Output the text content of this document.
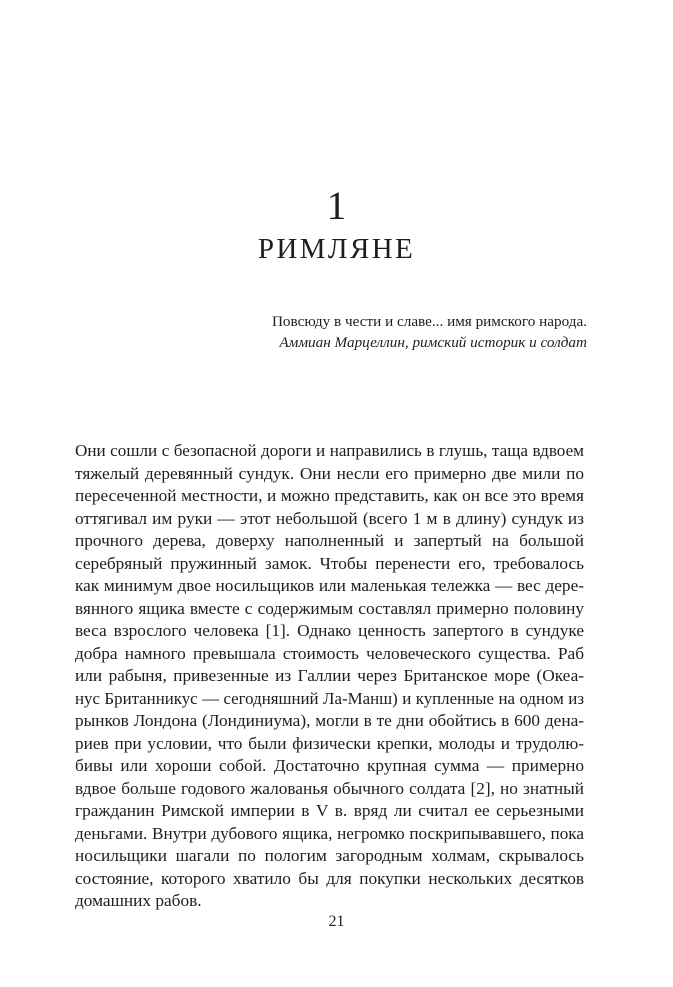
1
РИМЛЯНЕ
Повсюду в чести и славе... имя римского народа.
Аммиан Марцеллин, римский историк и солдат
Они сошли с безопасной дороги и направились в глушь, таща вдвоем
тяжелый деревянный сундук. Они несли его примерно две мили по
пересеченной местности, и можно представить, как он все это время
оттягивал им руки — этот небольшой (всего 1 м в длину) сундук из
прочного дерева, доверху наполненный и запертый на большой
серебряный пружинный замок. Чтобы перенести его, требовалось
как минимум двое носильщиков или маленькая тележка — вес дере-
вянного ящика вместе с содержимым составлял примерно половину
веса взрослого человека [1]. Однако ценность запертого в сундуке
добра намного превышала стоимость человеческого существа. Раб
или рабыня, привезенные из Галлии через Британское море (Океа-
нус Британникус — сегодняшний Ла-Манш) и купленные на одном из
рынков Лондона (Лондиниума), могли в те дни обойтись в 600 дена-
риев при условии, что были физически крепки, молоды и трудолю-
бивы или хороши собой. Достаточно крупная сумма — примерно
вдвое больше годового жалованья обычного солдата [2], но знатный
гражданин Римской империи в V в. вряд ли считал ее серьезными
деньгами. Внутри дубового ящика, негромко поскрипывавшего, пока
носильщики шагали по пологим загородным холмам, скрывалось
состояние, которого хватило бы для покупки нескольких десятков
домашних рабов.
21
